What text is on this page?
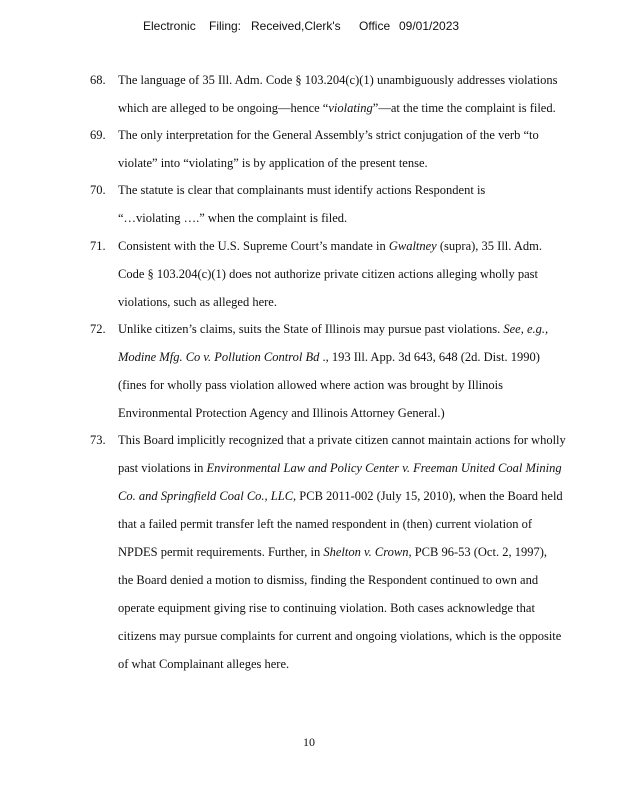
Electronic Filing: Received,Clerk's Office 09/01/2023
68. The language of 35 Ill. Adm. Code § 103.204(c)(1) unambiguously addresses violations
which are alleged to be ongoing—hence “violating”—at the time the complaint is filed.
69. The only interpretation for the General Assembly’s strict conjugation of the verb “to
violate” into “violating” is by application of the present tense.
70. The statute is clear that complainants must identify actions Respondent is
“…violating ….” when the complaint is filed.
71. Consistent with the U.S. Supreme Court’s mandate in Gwaltney (supra), 35 Ill. Adm.
Code § 103.204(c)(1) does not authorize private citizen actions alleging wholly past
violations, such as alleged here.
72. Unlike citizen’s claims, suits the State of Illinois may pursue past violations. See, e.g.,
Modine Mfg. Co v. Pollution Control Bd ., 193 Ill. App. 3d 643, 648 (2d. Dist. 1990)
(fines for wholly pass violation allowed where action was brought by Illinois
Environmental Protection Agency and Illinois Attorney General.)
73. This Board implicitly recognized that a private citizen cannot maintain actions for wholly
past violations in Environmental Law and Policy Center v. Freeman United Coal Mining
Co. and Springfield Coal Co., LLC, PCB 2011-002 (July 15, 2010), when the Board held
that a failed permit transfer left the named respondent in (then) current violation of
NPDES permit requirements. Further, in Shelton v. Crown, PCB 96-53 (Oct. 2, 1997),
the Board denied a motion to dismiss, finding the Respondent continued to own and
operate equipment giving rise to continuing violation. Both cases acknowledge that
citizens may pursue complaints for current and ongoing violations, which is the opposite
of what Complainant alleges here.
10
